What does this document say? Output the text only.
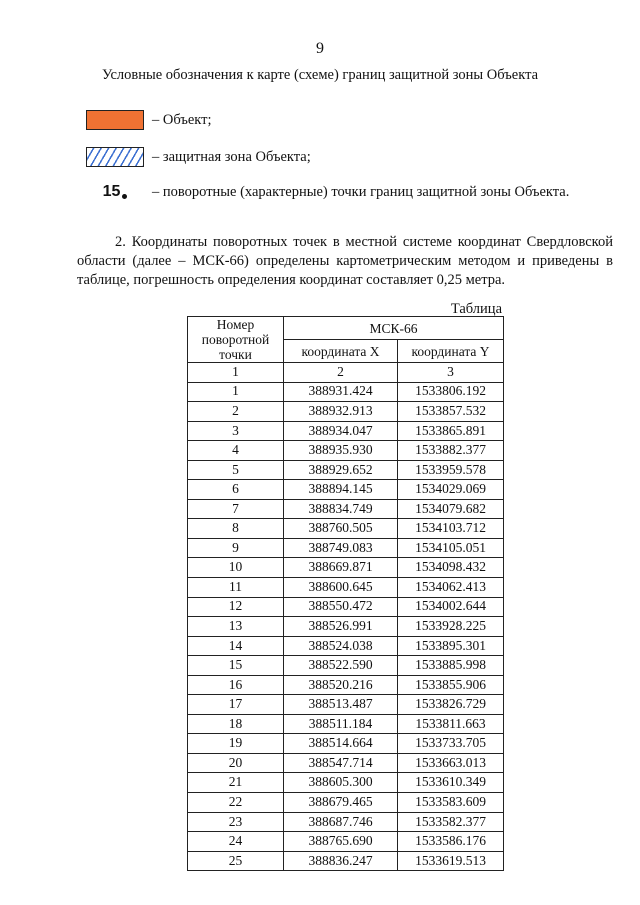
9
Условные обозначения к карте (схеме) границ защитной зоны Объекта
– Объект;
– защитная зона Объекта;
15	– поворотные (характерные) точки границ защитной зоны Объекта.
2. Координаты поворотных точек в местной системе координат Свердловской области (далее – МСК-66) определены картометрическим методом и приведены в таблице, погрешность определения координат составляет 0,25 метра.
Таблица
Номер поворотной точки	МСК-66	
	координата X	координата Y
1	2	3
1	388931.424	1533806.192
2	388932.913	1533857.532
3	388934.047	1533865.891
4	388935.930	1533882.377
5	388929.652	1533959.578
6	388894.145	1534029.069
7	388834.749	1534079.682
8	388760.505	1534103.712
9	388749.083	1534105.051
10	388669.871	1534098.432
11	388600.645	1534062.413
12	388550.472	1534002.644
13	388526.991	1533928.225
14	388524.038	1533895.301
15	388522.590	1533885.998
16	388520.216	1533855.906
17	388513.487	1533826.729
18	388511.184	1533811.663
19	388514.664	1533733.705
20	388547.714	1533663.013
21	388605.300	1533610.349
22	388679.465	1533583.609
23	388687.746	1533582.377
24	388765.690	1533586.176
25	388836.247	1533619.513
